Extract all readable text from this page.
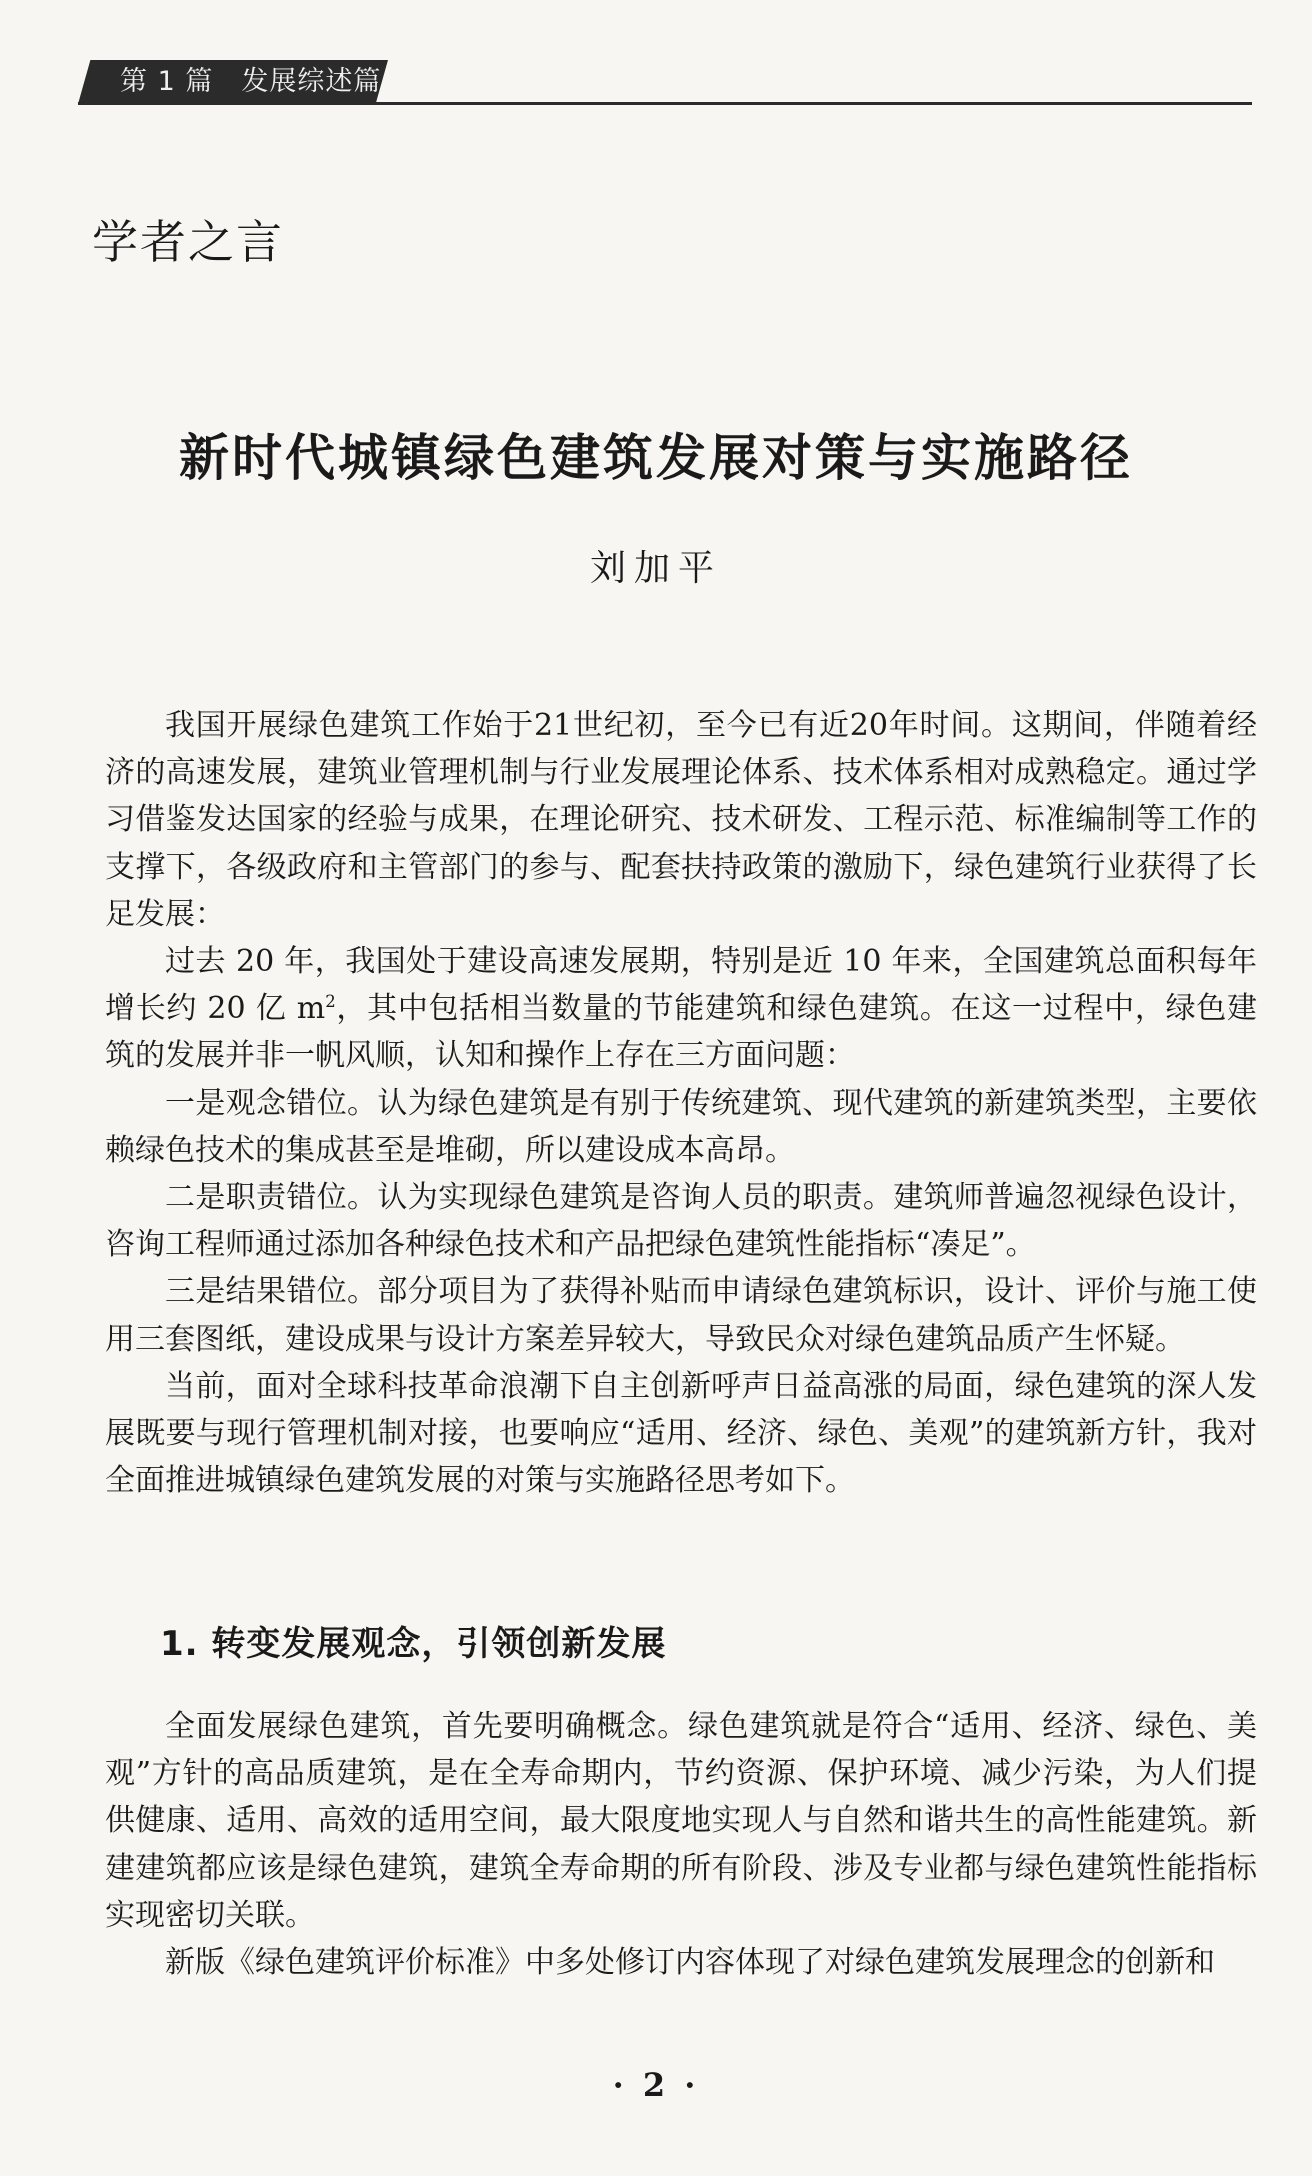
第 1 篇　发展综述篇
学者之言
新时代城镇绿色建筑发展对策与实施路径
刘加平

我国开展绿色建筑工作始于21世纪初，至今已有近20年时间。这期间，伴随着经济的高速发展，建筑业管理机制与行业发展理论体系、技术体系相对成熟稳定。通过学习借鉴发达国家的经验与成果，在理论研究、技术研发、工程示范、标准编制等工作的支撑下，各级政府和主管部门的参与、配套扶持政策的激励下，绿色建筑行业获得了长足发展：

过去 20 年，我国处于建设高速发展期，特别是近 10 年来，全国建筑总面积每年增长约 20 亿 $m^2$，其中包括相当数量的节能建筑和绿色建筑。在这一过程中，绿色建筑的发展并非一帆风顺，认知和操作上存在三方面问题：

一是观念错位。认为绿色建筑是有别于传统建筑、现代建筑的新建筑类型，主要依赖绿色技术的集成甚至是堆砌，所以建设成本高昂。

二是职责错位。认为实现绿色建筑是咨询人员的职责。建筑师普遍忽视绿色设计，咨询工程师通过添加各种绿色技术和产品把绿色建筑性能指标“凑足”。

三是结果错位。部分项目为了获得补贴而申请绿色建筑标识，设计、评价与施工使用三套图纸，建设成果与设计方案差异较大，导致民众对绿色建筑品质产生怀疑。

当前，面对全球科技革命浪潮下自主创新呼声日益高涨的局面，绿色建筑的深人发展既要与现行管理机制对接，也要响应“适用、经济、绿色、美观”的建筑新方针，我对全面推进城镇绿色建筑发展的对策与实施路径思考如下。

1. 转变发展观念，引领创新发展

全面发展绿色建筑，首先要明确概念。绿色建筑就是符合“适用、经济、绿色、美观”方针的高品质建筑，是在全寿命期内，节约资源、保护环境、减少污染，为人们提供健康、适用、高效的适用空间，最大限度地实现人与自然和谐共生的高性能建筑。新建建筑都应该是绿色建筑，建筑全寿命期的所有阶段、涉及专业都与绿色建筑性能指标实现密切关联。

新版《绿色建筑评价标准》中多处修订内容体现了对绿色建筑发展理念的创新和

· 2 ·
